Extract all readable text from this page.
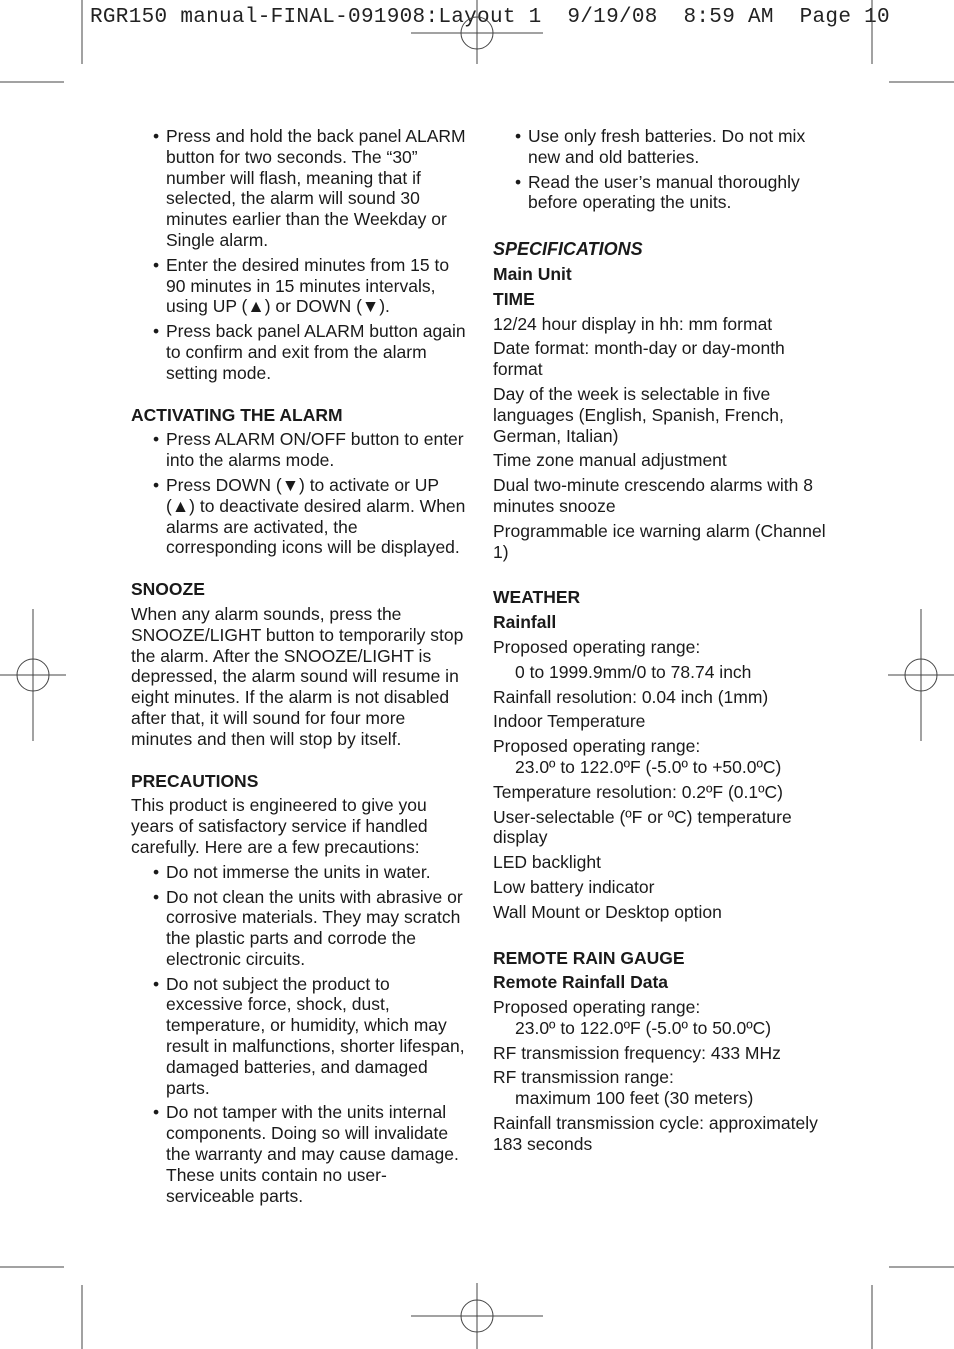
RGR150 manual-FINAL-091908:Layout 1  9/19/08  8:59 AM  Page 10
• Press and hold the back panel ALARM button for two seconds. The “30” number will flash, meaning that if selected, the alarm will sound 30 minutes earlier than the Weekday or Single alarm.
• Enter the desired minutes from 15 to 90 minutes in 15 minutes intervals, using UP (▲) or DOWN (▼).
• Press back panel ALARM button again to confirm and exit from the alarm setting mode.
ACTIVATING THE ALARM
• Press ALARM ON/OFF button to enter into the alarms mode.
• Press DOWN (▼) to activate or UP (▲) to deactivate desired alarm. When alarms are activated, the corresponding icons will be displayed.
SNOOZE
When any alarm sounds, press the SNOOZE/LIGHT button to temporarily stop the alarm. After the SNOOZE/LIGHT is depressed, the alarm sound will resume in eight minutes. If the alarm is not disabled after that, it will sound for four more minutes and then will stop by itself.
PRECAUTIONS
This product is engineered to give you years of satisfactory service if handled carefully. Here are a few precautions:
• Do not immerse the units in water.
• Do not clean the units with abrasive or corrosive materials. They may scratch the plastic parts and corrode the electronic circuits.
• Do not subject the product to excessive force, shock, dust, temperature, or humidity, which may result in malfunctions, shorter lifespan, damaged batteries, and damaged parts.
• Do not tamper with the units internal components. Doing so will invalidate the warranty and may cause damage. These units contain no user-serviceable parts.
• Use only fresh batteries. Do not mix new and old batteries.
• Read the user’s manual thoroughly before operating the units.
SPECIFICATIONS
Main Unit
TIME
12/24 hour display in hh: mm format
Date format: month-day or day-month format
Day of the week is selectable in five languages (English, Spanish, French, German, Italian)
Time zone manual adjustment
Dual two-minute crescendo alarms with 8 minutes snooze
Programmable ice warning alarm (Channel 1)
WEATHER
Rainfall
Proposed operating range:
0 to 1999.9mm/0 to 78.74 inch
Rainfall resolution: 0.04 inch (1mm)
Indoor Temperature
Proposed operating range:
23.0º to 122.0ºF (-5.0º to +50.0ºC)
Temperature resolution: 0.2ºF (0.1ºC)
User-selectable (ºF or ºC) temperature display
LED backlight
Low battery indicator
Wall Mount or Desktop option
REMOTE RAIN GAUGE
Remote Rainfall Data
Proposed operating range:
23.0º to 122.0ºF (-5.0º to 50.0ºC)
RF transmission frequency: 433 MHz
RF transmission range:
maximum 100 feet (30 meters)
Rainfall transmission cycle: approximately 183 seconds
